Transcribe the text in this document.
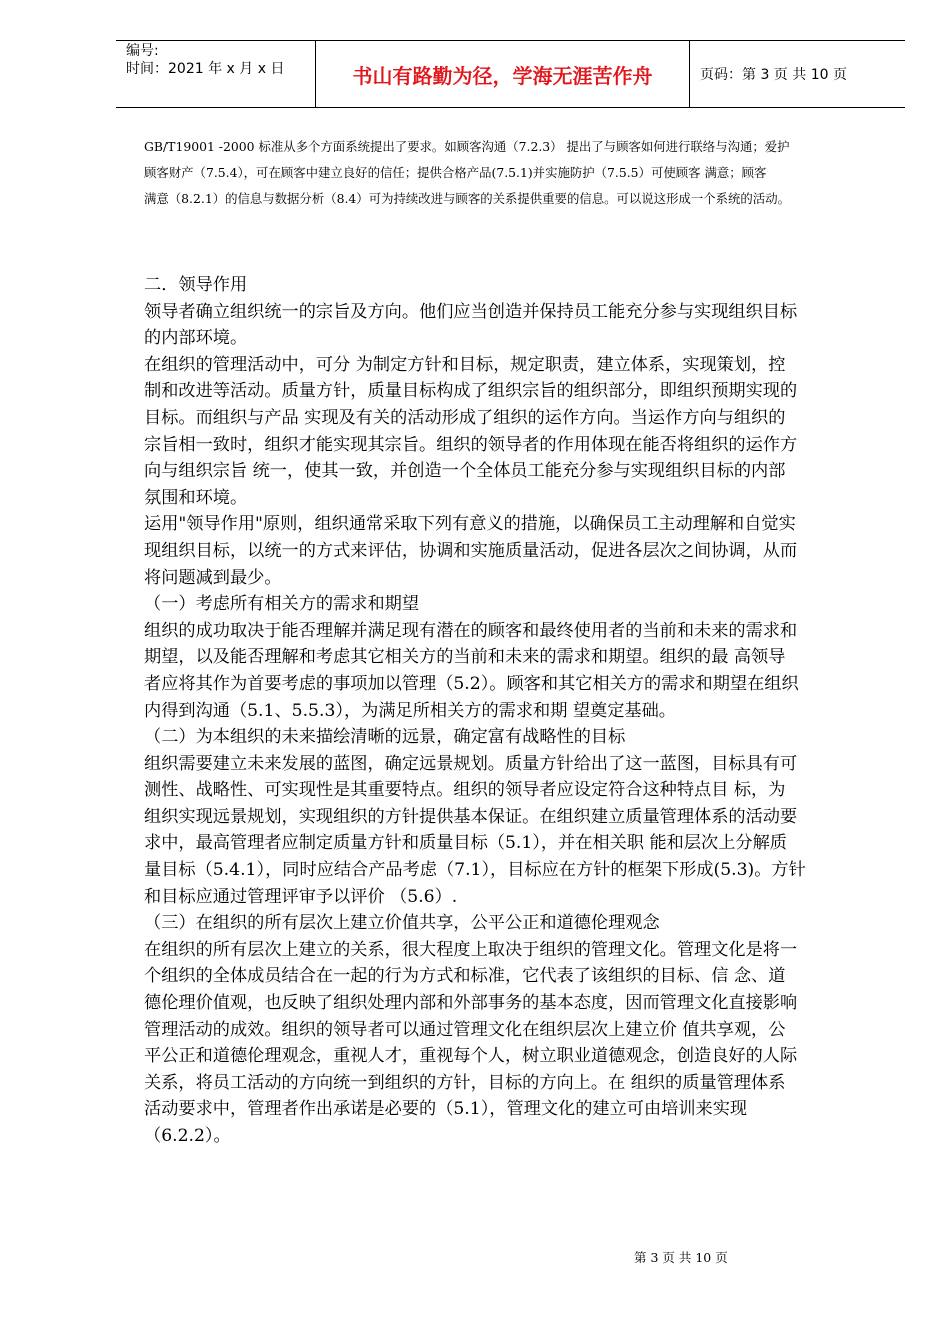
编号:
时间：2021 年 x 月 x 日	书山有路勤为径，学海无涯苦作舟	页码：第 3 页 共 10 页

GB/T19001 -2000 标准从多个方面系统提出了要求。如顾客沟通（7.2.3） 提出了与顾客如何进行联络与沟通；爱护

顾客财产（7.5.4），可在顾客中建立良好的信任；提供合格产品(7.5.1)并实施防护（7.5.5）可使顾客 满意；顾客

满意（8.2.1）的信息与数据分析（8.4）可为持续改进与顾客的关系提供重要的信息。可以说这形成一个系统的活动。

二．领导作用

领导者确立组织统一的宗旨及方向。他们应当创造并保持员工能充分参与实现组织目标

的内部环境。

在组织的管理活动中，可分 为制定方针和目标，规定职责，建立体系，实现策划，控

制和改进等活动。质量方针，质量目标构成了组织宗旨的组织部分，即组织预期实现的

目标。而组织与产品 实现及有关的活动形成了组织的运作方向。当运作方向与组织的

宗旨相一致时，组织才能实现其宗旨。组织的领导者的作用体现在能否将组织的运作方

向与组织宗旨 统一，使其一致，并创造一个全体员工能充分参与实现组织目标的内部

氛围和环境。

运用"领导作用"原则，组织通常采取下列有意义的措施，以确保员工主动理解和自觉实

现组织目标，以统一的方式来评估，协调和实施质量活动，促进各层次之间协调，从而

将问题减到最少。

（一）考虑所有相关方的需求和期望

组织的成功取决于能否理解并满足现有潜在的顾客和最终使用者的当前和未来的需求和

期望，以及能否理解和考虑其它相关方的当前和未来的需求和期望。组织的最 高领导

者应将其作为首要考虑的事项加以管理（5.2）。顾客和其它相关方的需求和期望在组织

内得到沟通（5.1、5.5.3），为满足所相关方的需求和期 望奠定基础。

（二）为本组织的未来描绘清晰的远景，确定富有战略性的目标

组织需要建立未来发展的蓝图，确定远景规划。质量方针给出了这一蓝图，目标具有可

测性、战略性、可实现性是其重要特点。组织的领导者应设定符合这种特点目 标，为

组织实现远景规划，实现组织的方针提供基本保证。在组织建立质量管理体系的活动要

求中，最高管理者应制定质量方针和质量目标（5.1），并在相关职 能和层次上分解质

量目标（5.4.1），同时应结合产品考虑（7.1），目标应在方针的框架下形成(5.3)。方针

和目标应通过管理评审予以评价 （5.6）.

（三）在组织的所有层次上建立价值共享，公平公正和道德伦理观念

在组织的所有层次上建立的关系，很大程度上取决于组织的管理文化。管理文化是将一

个组织的全体成员结合在一起的行为方式和标准，它代表了该组织的目标、信 念、道

德伦理价值观，也反映了组织处理内部和外部事务的基本态度，因而管理文化直接影响

管理活动的成效。组织的领导者可以通过管理文化在组织层次上建立价 值共享观，公

平公正和道德伦理观念，重视人才，重视每个人，树立职业道德观念，创造良好的人际

关系，将员工活动的方向统一到组织的方针，目标的方向上。在 组织的质量管理体系

活动要求中，管理者作出承诺是必要的（5.1），管理文化的建立可由培训来实现

（6.2.2）。

第 3 页 共 10 页
